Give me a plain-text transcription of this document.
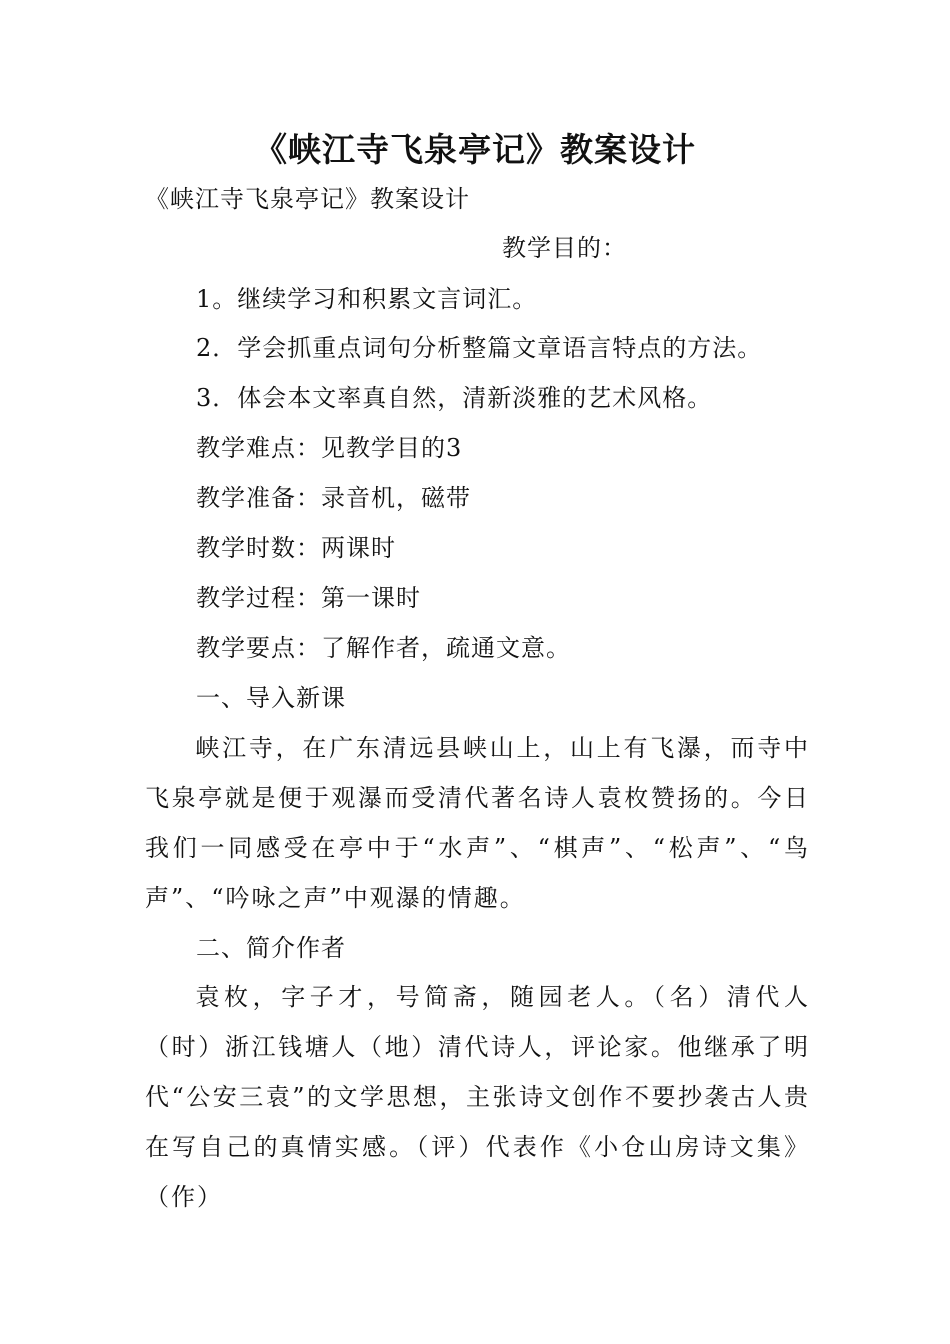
《峡江寺飞泉亭记》教案设计
《峡江寺飞泉亭记》教案设计
教学目的：
1。继续学习和积累文言词汇。
2．学会抓重点词句分析整篇文章语言特点的方法。
3．体会本文率真自然，清新淡雅的艺术风格。
教学难点：见教学目的3
教学准备：录音机，磁带
教学时数：两课时
教学过程：第一课时
教学要点：了解作者，疏通文意。
一、导入新课
峡江寺，在广东清远县峡山上，山上有飞瀑，而寺中飞泉亭就是便于观瀑而受清代著名诗人袁枚赞扬的。今日我们一同感受在亭中于“水声”、“棋声”、“松声”、“鸟声”、“吟咏之声”中观瀑的情趣。
二、简介作者
袁枚，字子才，号简斋，随园老人。（名）清代人（时）浙江钱塘人（地）清代诗人，评论家。他继承了明代“公安三袁”的文学思想，主张诗文创作不要抄袭古人贵在写自己的真情实感。（评）代表作《小仓山房诗文集》（作）
